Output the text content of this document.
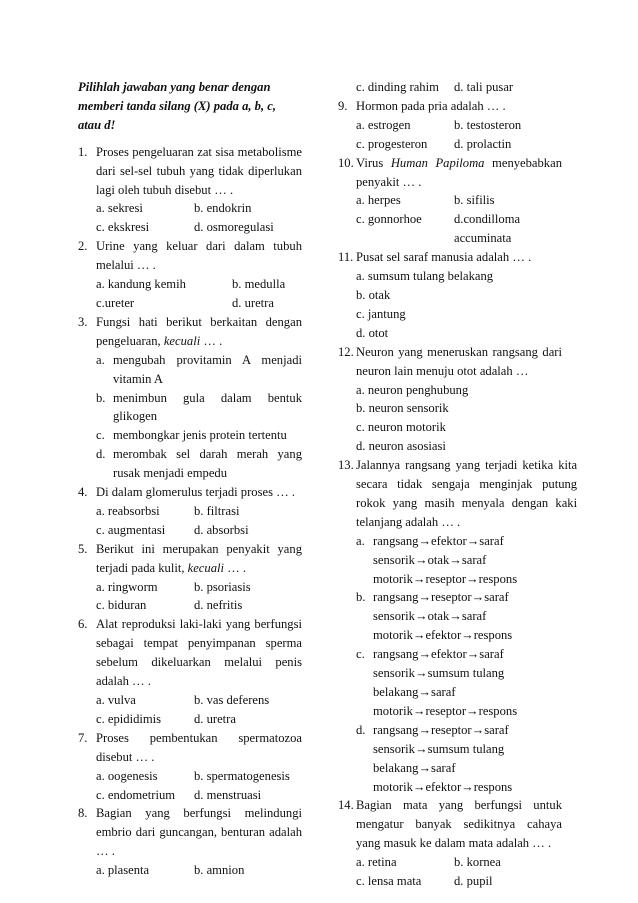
Pilihlah jawaban yang benar dengan memberi tanda silang (X) pada a, b, c, atau d!

1. Proses pengeluaran zat sisa metabolisme dari sel-sel tubuh yang tidak diperlukan lagi oleh tubuh disebut … .
a. sekresi	b. endokrin
c. ekskresi	d. osmoregulasi
2. Urine yang keluar dari dalam tubuh melalui … .
a. kandung kemih	b. medulla
c.ureter	d. uretra
3. Fungsi hati berikut berkaitan dengan pengeluaran, kecuali … .
a. mengubah provitamin A menjadi vitamin A
b. menimbun gula dalam bentuk glikogen
c. membongkar jenis protein tertentu
d. merombak sel darah merah yang rusak menjadi empedu
4. Di dalam glomerulus terjadi proses … .
a. reabsorbsi	b. filtrasi
c. augmentasi	d. absorbsi
5. Berikut ini merupakan penyakit yang terjadi pada kulit, kecuali … .
a. ringworm	b. psoriasis
c. biduran	d. nefritis
6. Alat reproduksi laki-laki yang berfungsi sebagai tempat penyimpanan sperma sebelum dikeluarkan melalui penis adalah … .
a. vulva	b. vas deferens
c. epididimis	d. uretra
7. Proses pembentukan spermatozoa disebut … .
a. oogenesis	b. spermatogenesis
c. endometrium	d. menstruasi
8. Bagian yang berfungsi melindungi embrio dari guncangan, benturan adalah … .
a. plasenta	b. amnion
c. dinding rahim	d. tali pusar
9. Hormon pada pria adalah … .
a. estrogen	b. testosteron
c. progesteron	d. prolactin
10. Virus Human Papiloma menyebabkan penyakit … .
a. herpes	b. sifilis
c. gonnorhoe	d.condilloma accuminata
11. Pusat sel saraf manusia adalah … .
a. sumsum tulang belakang
b. otak
c. jantung
d. otot
12. Neuron yang meneruskan rangsang dari neuron lain menuju otot adalah …
a. neuron penghubung
b. neuron sensorik
c. neuron motorik
d. neuron asosiasi
13. Jalannya rangsang yang terjadi ketika kita secara tidak sengaja menginjak putung rokok yang masih menyala dengan kaki telanjang adalah … .
a. rangsang→efektor→saraf sensorik→otak→saraf motorik→reseptor→respons
b. rangsang→reseptor→saraf sensorik→otak→saraf motorik→efektor→respons
c. rangsang→efektor→saraf sensorik→sumsum tulang belakang→saraf motorik→reseptor→respons
d. rangsang→reseptor→saraf sensorik→sumsum tulang belakang→saraf motorik→efektor→respons
14. Bagian mata yang berfungsi untuk mengatur banyak sedikitnya cahaya yang masuk ke dalam mata adalah … .
a. retina	b. kornea
c. lensa mata	d. pupil
